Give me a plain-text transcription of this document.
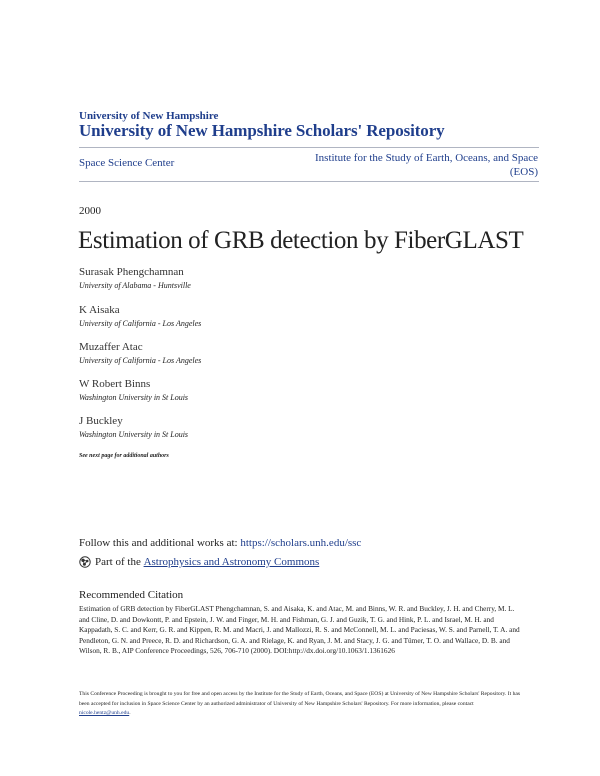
University of New Hampshire
University of New Hampshire Scholars' Repository
Space Science Center	Institute for the Study of Earth, Oceans, and Space (EOS)
2000
Estimation of GRB detection by FiberGLAST
Surasak Phengchamnan
University of Alabama - Huntsville
K Aisaka
University of California - Los Angeles
Muzaffer Atac
University of California - Los Angeles
W Robert Binns
Washington University in St Louis
J Buckley
Washington University in St Louis
See next page for additional authors
Follow this and additional works at: https://scholars.unh.edu/ssc
Part of the
Astrophysics and Astronomy Commons
Recommended Citation
Estimation of GRB detection by FiberGLAST Phengchamnan, S. and Aisaka, K. and Atac, M. and Binns, W. R. and Buckley, J. H. and Cherry, M. L. and Cline, D. and Dowkontt, P. and Epstein, J. W. and Finger, M. H. and Fishman, G. J. and Guzik, T. G. and Hink, P. L. and Israel, M. H. and Kappadath, S. C. and Kerr, G. R. and Kippen, R. M. and Macri, J. and Mallozzi, R. S. and McConnell, M. L. and Paciesas, W. S. and Parnell, T. A. and Pendleton, G. N. and Preece, R. D. and Richardson, G. A. and Rielage, K. and Ryan, J. M. and Stacy, J. G. and Tümer, T. O. and Wallace, D. B. and Wilson, R. B., AIP Conference Proceedings, 526, 706-710 (2000). DOI:http://dx.doi.org/10.1063/1.1361626
This Conference Proceeding is brought to you for free and open access by the Institute for the Study of Earth, Oceans, and Space (EOS) at University of New Hampshire Scholars' Repository. It has been accepted for inclusion in Space Science Center by an authorized administrator of University of New Hampshire Scholars' Repository. For more information, please contact nicole.hentz@unh.edu.
